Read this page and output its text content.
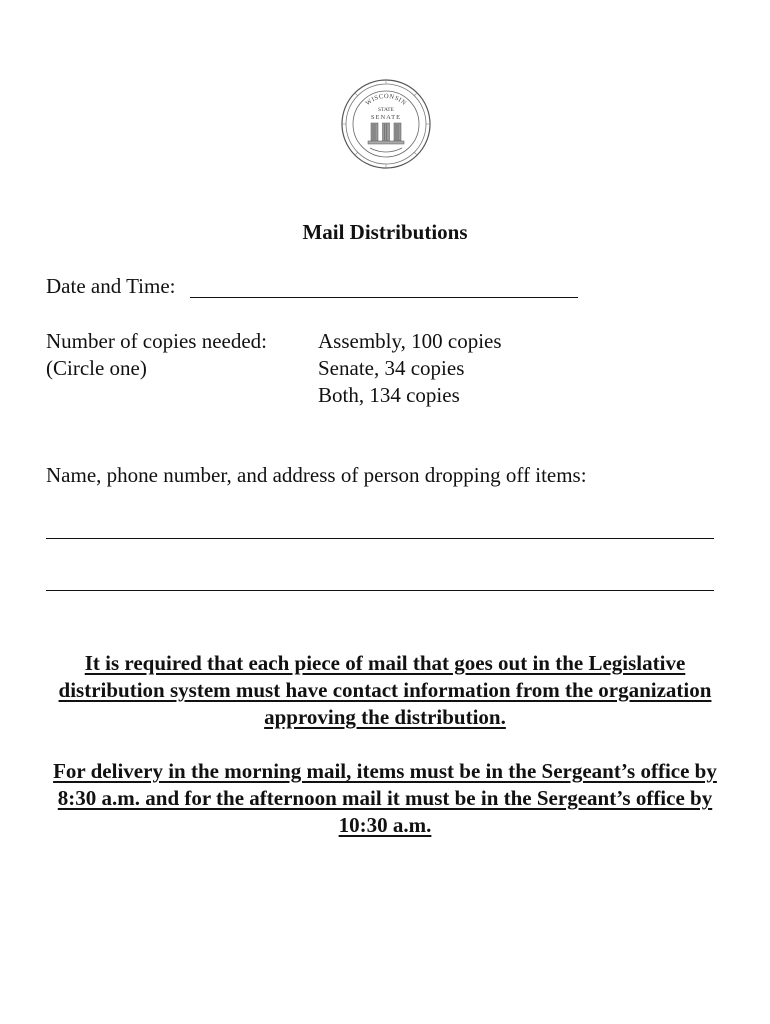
WISCONSIN
STATE
SENATE
Mail Distributions
Date and Time:
Number of copies needed:
(Circle one)
Assembly, 100 copies
Senate, 34 copies
Both, 134 copies
Name, phone number, and address of person dropping off items:
It is required that each piece of mail that goes out in the Legislative distribution system must have contact information from the organization approving the distribution.
For delivery in the morning mail, items must be in the Sergeant’s office by 8:30 a.m. and for the afternoon mail it must be in the Sergeant’s office by 10:30 a.m.
